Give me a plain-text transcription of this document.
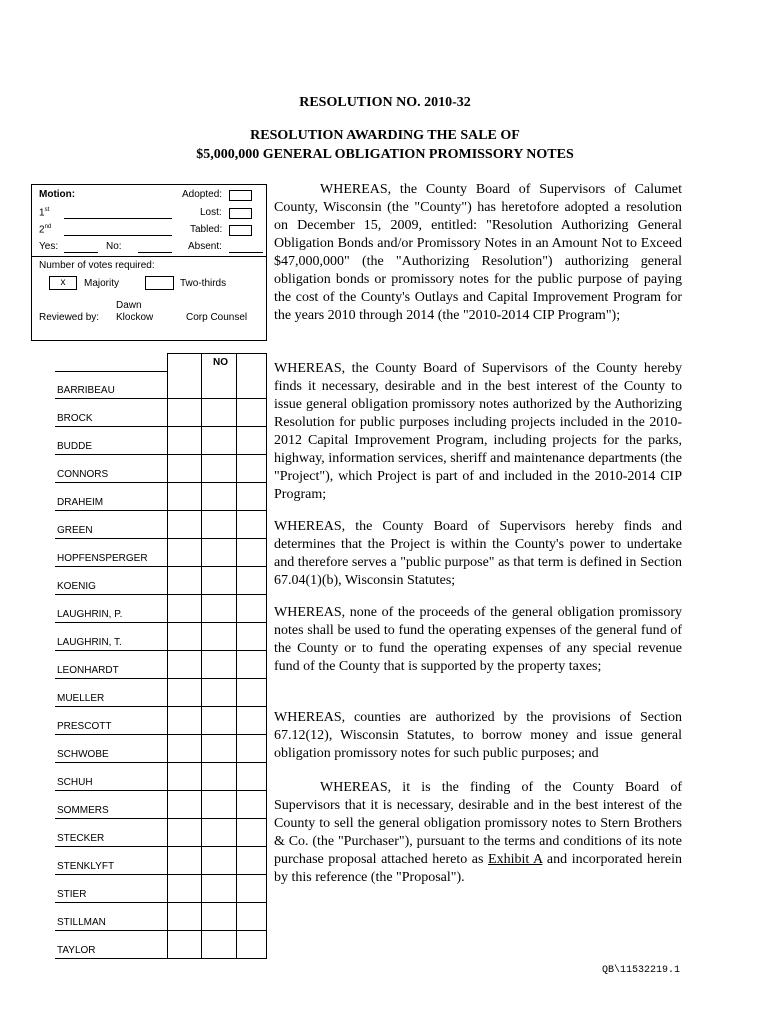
RESOLUTION NO. 2010-32
RESOLUTION AWARDING THE SALE OF
$5,000,000 GENERAL OBLIGATION PROMISSORY NOTES
Motion:	Adopted:
1st	Lost:
2nd	Tabled:
Yes:	No:	Absent:
Number of votes required:
x	Majority	Two-thirds
Dawn
Reviewed by: Klockow	Corp Counsel
NO
BARRIBEAU
BROCK
BUDDE
CONNORS
DRAHEIM
GREEN
HOPFENSPERGER
KOENIG
LAUGHRIN, P.
LAUGHRIN, T.
LEONHARDT
MUELLER
PRESCOTT
SCHWOBE
SCHUH
SOMMERS
STECKER
STENKLYFT
STIER
STILLMAN
TAYLOR
WHEREAS, the County Board of Supervisors of Calumet County, Wisconsin (the "County") has heretofore adopted a resolution on December 15, 2009, entitled: "Resolution Authorizing General Obligation Bonds and/or Promissory Notes in an Amount Not to Exceed $47,000,000" (the "Authorizing Resolution") authorizing general obligation bonds or promissory notes for the public purpose of paying the cost of the County's Outlays and Capital Improvement Program for the years 2010 through 2014 (the "2010-2014 CIP Program");
WHEREAS, the County Board of Supervisors of the County hereby finds it necessary, desirable and in the best interest of the County to issue general obligation promissory notes authorized by the Authorizing Resolution for public purposes including projects included in the 2010-2012 Capital Improvement Program, including projects for the parks, highway, information services, sheriff and maintenance departments (the "Project"), which Project is part of and included in the 2010-2014 CIP Program;
WHEREAS, the County Board of Supervisors hereby finds and determines that the Project is within the County's power to undertake and therefore serves a "public purpose" as that term is defined in Section 67.04(1)(b), Wisconsin Statutes;
WHEREAS, none of the proceeds of the general obligation promissory notes shall be used to fund the operating expenses of the general fund of the County or to fund the operating expenses of any special revenue fund of the County that is supported by the property taxes;
WHEREAS, counties are authorized by the provisions of Section 67.12(12), Wisconsin Statutes, to borrow money and issue general obligation promissory notes for such public purposes; and
WHEREAS, it is the finding of the County Board of Supervisors that it is necessary, desirable and in the best interest of the County to sell the general obligation promissory notes to Stern Brothers & Co. (the "Purchaser"), pursuant to the terms and conditions of its note purchase proposal attached hereto as Exhibit A and incorporated herein by this reference (the "Proposal").
QB\11532219.1
